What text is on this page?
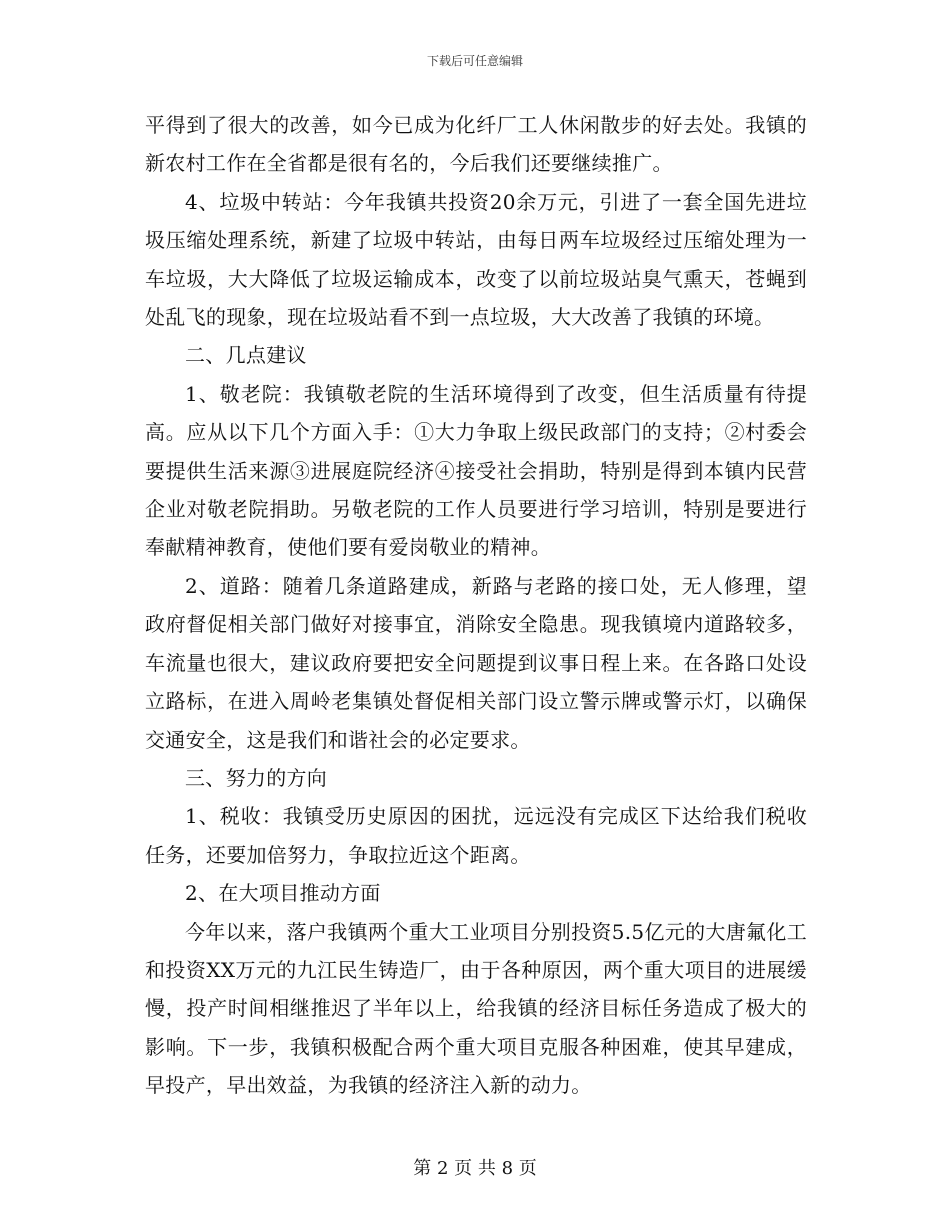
下载后可任意编辑

平得到了很大的改善，如今已成为化纤厂工人休闲散步的好去处。我镇的新农村工作在全省都是很有名的，今后我们还要继续推广。

4、垃圾中转站：今年我镇共投资20余万元，引进了一套全国先进垃圾压缩处理系统，新建了垃圾中转站，由每日两车垃圾经过压缩处理为一车垃圾，大大降低了垃圾运输成本，改变了以前垃圾站臭气熏天，苍蝇到处乱飞的现象，现在垃圾站看不到一点垃圾，大大改善了我镇的环境。

二、几点建议

1、敬老院：我镇敬老院的生活环境得到了改变，但生活质量有待提高。应从以下几个方面入手：①大力争取上级民政部门的支持；②村委会要提供生活来源③进展庭院经济④接受社会捐助，特别是得到本镇内民营企业对敬老院捐助。另敬老院的工作人员要进行学习培训，特别是要进行奉献精神教育，使他们要有爱岗敬业的精神。

2、道路：随着几条道路建成，新路与老路的接口处，无人修理，望政府督促相关部门做好对接事宜，消除安全隐患。现我镇境内道路较多，车流量也很大，建议政府要把安全问题提到议事日程上来。在各路口处设立路标，在进入周岭老集镇处督促相关部门设立警示牌或警示灯，以确保交通安全，这是我们和谐社会的必定要求。

三、努力的方向

1、税收：我镇受历史原因的困扰，远远没有完成区下达给我们税收任务，还要加倍努力，争取拉近这个距离。

2、在大项目推动方面

今年以来，落户我镇两个重大工业项目分别投资5.5亿元的大唐氟化工和投资XX万元的九江民生铸造厂，由于各种原因，两个重大项目的进展缓慢，投产时间相继推迟了半年以上，给我镇的经济目标任务造成了极大的影响。下一步，我镇积极配合两个重大项目克服各种困难，使其早建成，早投产，早出效益，为我镇的经济注入新的动力。

第 2 页 共 8 页
